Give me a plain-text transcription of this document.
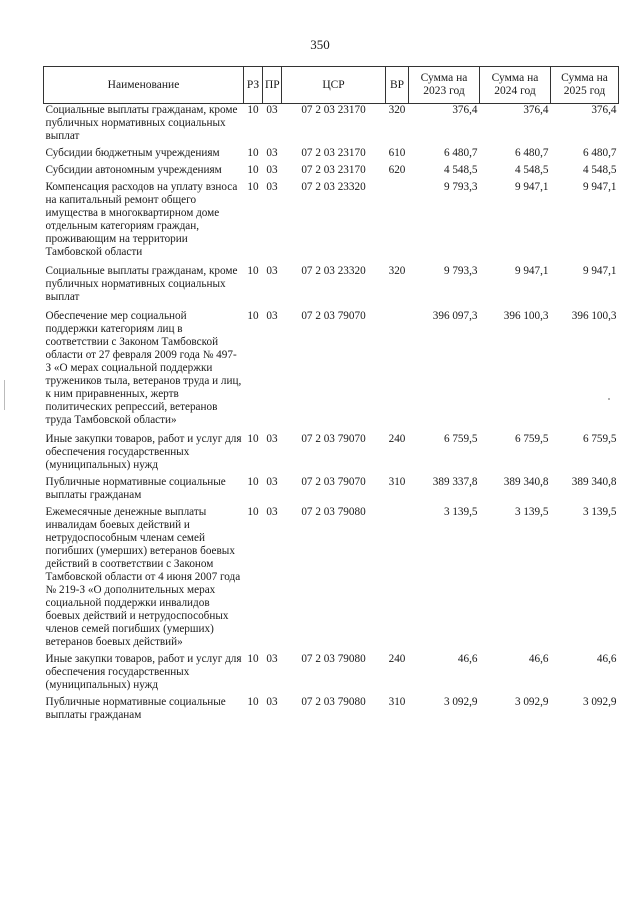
350
Наименование	РЗ	ПР	ЦСР	ВР	Сумма на 2023 год	Сумма на 2024 год	Сумма на 2025 год
Социальные выплаты гражданам, кроме публичных нормативных социальных выплат	10	03	07 2 03 23170	320	376,4	376,4	376,4
Субсидии бюджетным учреждениям	10	03	07 2 03 23170	610	6 480,7	6 480,7	6 480,7
Субсидии автономным учреждениям	10	03	07 2 03 23170	620	4 548,5	4 548,5	4 548,5
Компенсация расходов на уплату взноса на капитальный ремонт общего имущества в многоквартирном доме отдельным категориям граждан, проживающим на территории Тамбовской области	10	03	07 2 03 23320		9 793,3	9 947,1	9 947,1
Социальные выплаты гражданам, кроме публичных нормативных социальных выплат	10	03	07 2 03 23320	320	9 793,3	9 947,1	9 947,1
Обеспечение мер социальной поддержки категориям лиц в соответствии с Законом Тамбовской области от 27 февраля 2009 года № 497-З «О мерах социальной поддержки тружеников тыла, ветеранов труда и лиц, к ним приравненных, жертв политических репрессий, ветеранов труда Тамбовской области»	10	03	07 2 03 79070		396 097,3	396 100,3	396 100,3
Иные закупки товаров, работ и услуг для обеспечения государственных (муниципальных) нужд	10	03	07 2 03 79070	240	6 759,5	6 759,5	6 759,5
Публичные нормативные социальные выплаты гражданам	10	03	07 2 03 79070	310	389 337,8	389 340,8	389 340,8
Ежемесячные денежные выплаты инвалидам боевых действий и нетрудоспособным членам семей погибших (умерших) ветеранов боевых действий в соответствии с Законом Тамбовской области от 4 июня 2007 года № 219-З «О дополнительных мерах социальной поддержки инвалидов боевых действий и нетрудоспособных членов семей погибших (умерших) ветеранов боевых действий»	10	03	07 2 03 79080		3 139,5	3 139,5	3 139,5
Иные закупки товаров, работ и услуг для обеспечения государственных (муниципальных) нужд	10	03	07 2 03 79080	240	46,6	46,6	46,6
Публичные нормативные социальные выплаты гражданам	10	03	07 2 03 79080	310	3 092,9	3 092,9	3 092,9
